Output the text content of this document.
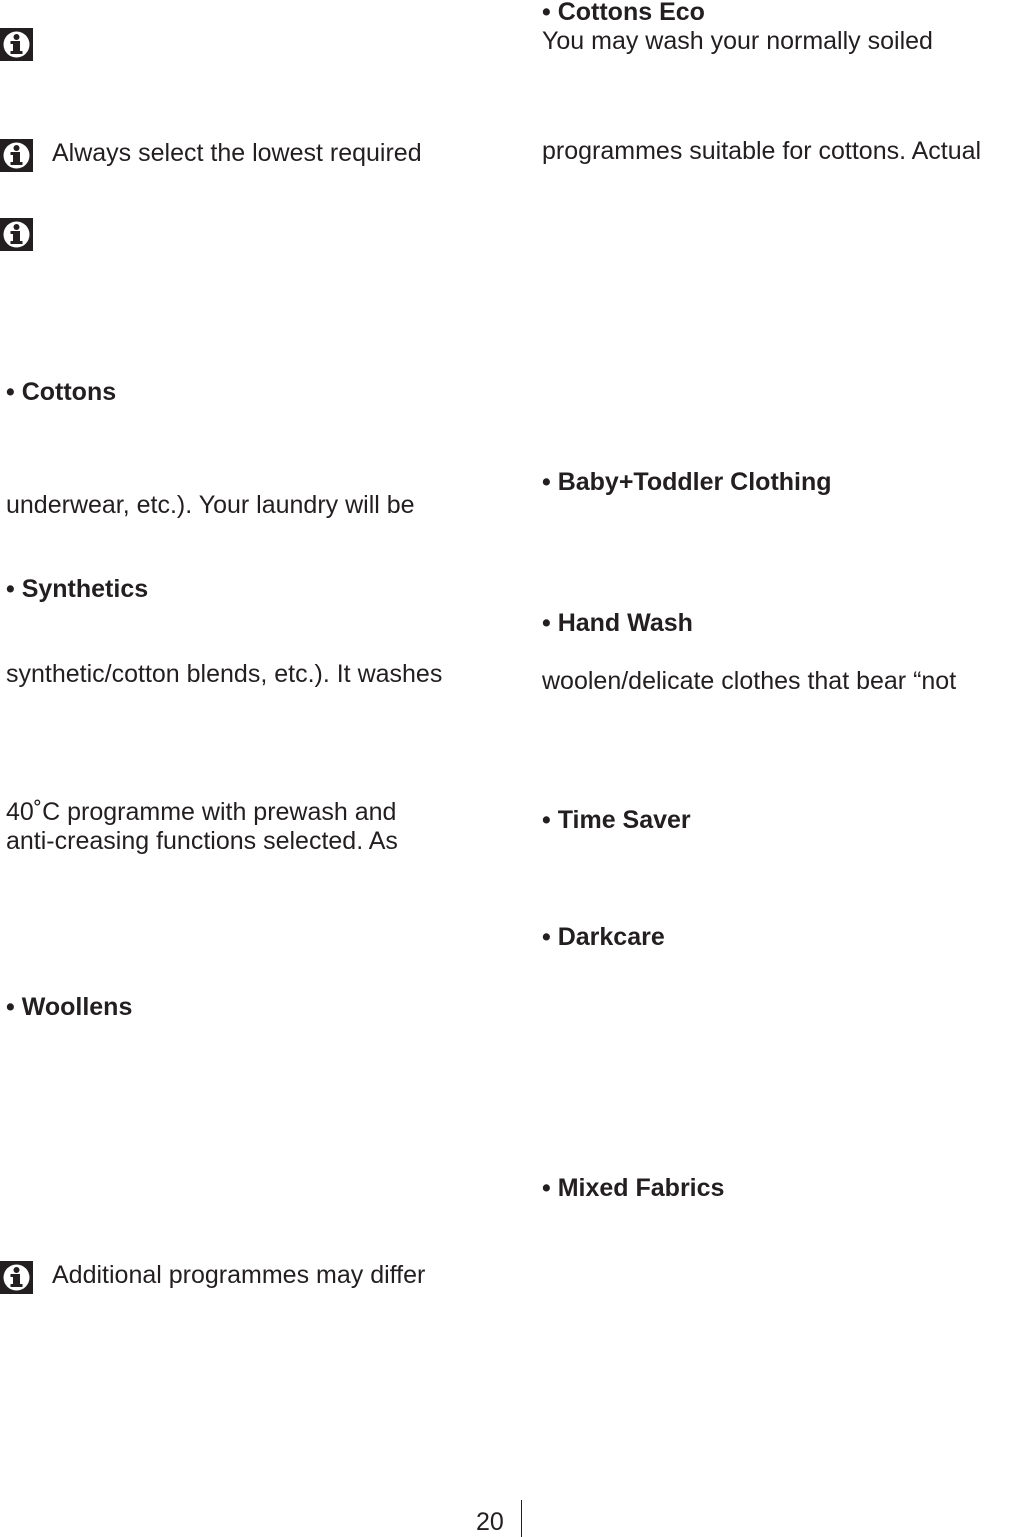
Always select the lowest required
• Cottons
underwear, etc.). Your laundry will be
• Synthetics
synthetic/cotton blends, etc.). It washes
40˚C programme with prewash and
anti-creasing functions selected. As
• Woollens
Additional programmes may differ
• Cottons Eco
You may wash your normally soiled
programmes suitable for cottons. Actual
• Baby+Toddler Clothing
• Hand Wash
woolen/delicate clothes that bear “not
• Time Saver
• Darkcare
• Mixed Fabrics
20
